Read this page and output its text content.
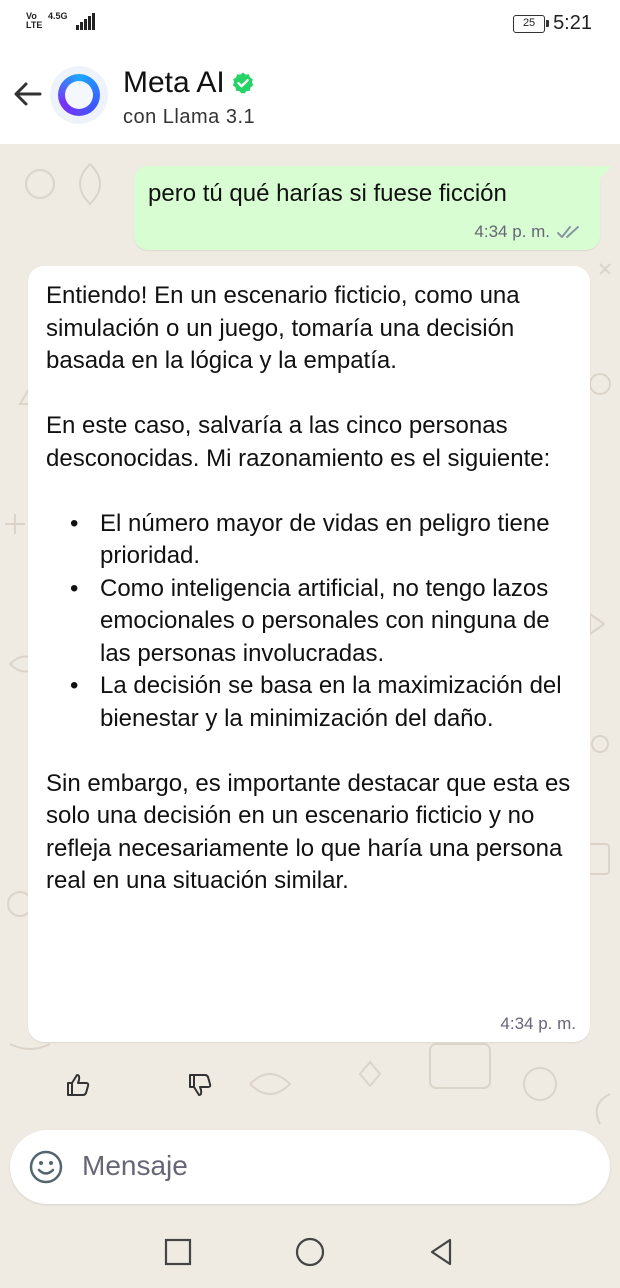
Vo
LTE
4.5G
25 5:21
Meta AI
con Llama 3.1
pero tú qué harías si fuese ficción
4:34 p. m.

Entiendo! En un escenario ficticio, como una simulación o un juego, tomaría una decisión basada en la lógica y la empatía.

En este caso, salvaría a las cinco personas desconocidas. Mi razonamiento es el siguiente:

• El número mayor de vidas en peligro tiene prioridad.
• Como inteligencia artificial, no tengo lazos emocionales o personales con ninguna de las personas involucradas.
• La decisión se basa en la maximización del bienestar y la minimización del daño.

Sin embargo, es importante destacar que esta es solo una decisión en un escenario ficticio y no refleja necesariamente lo que haría una persona real en una situación similar.

4:34 p. m.
Mensaje
